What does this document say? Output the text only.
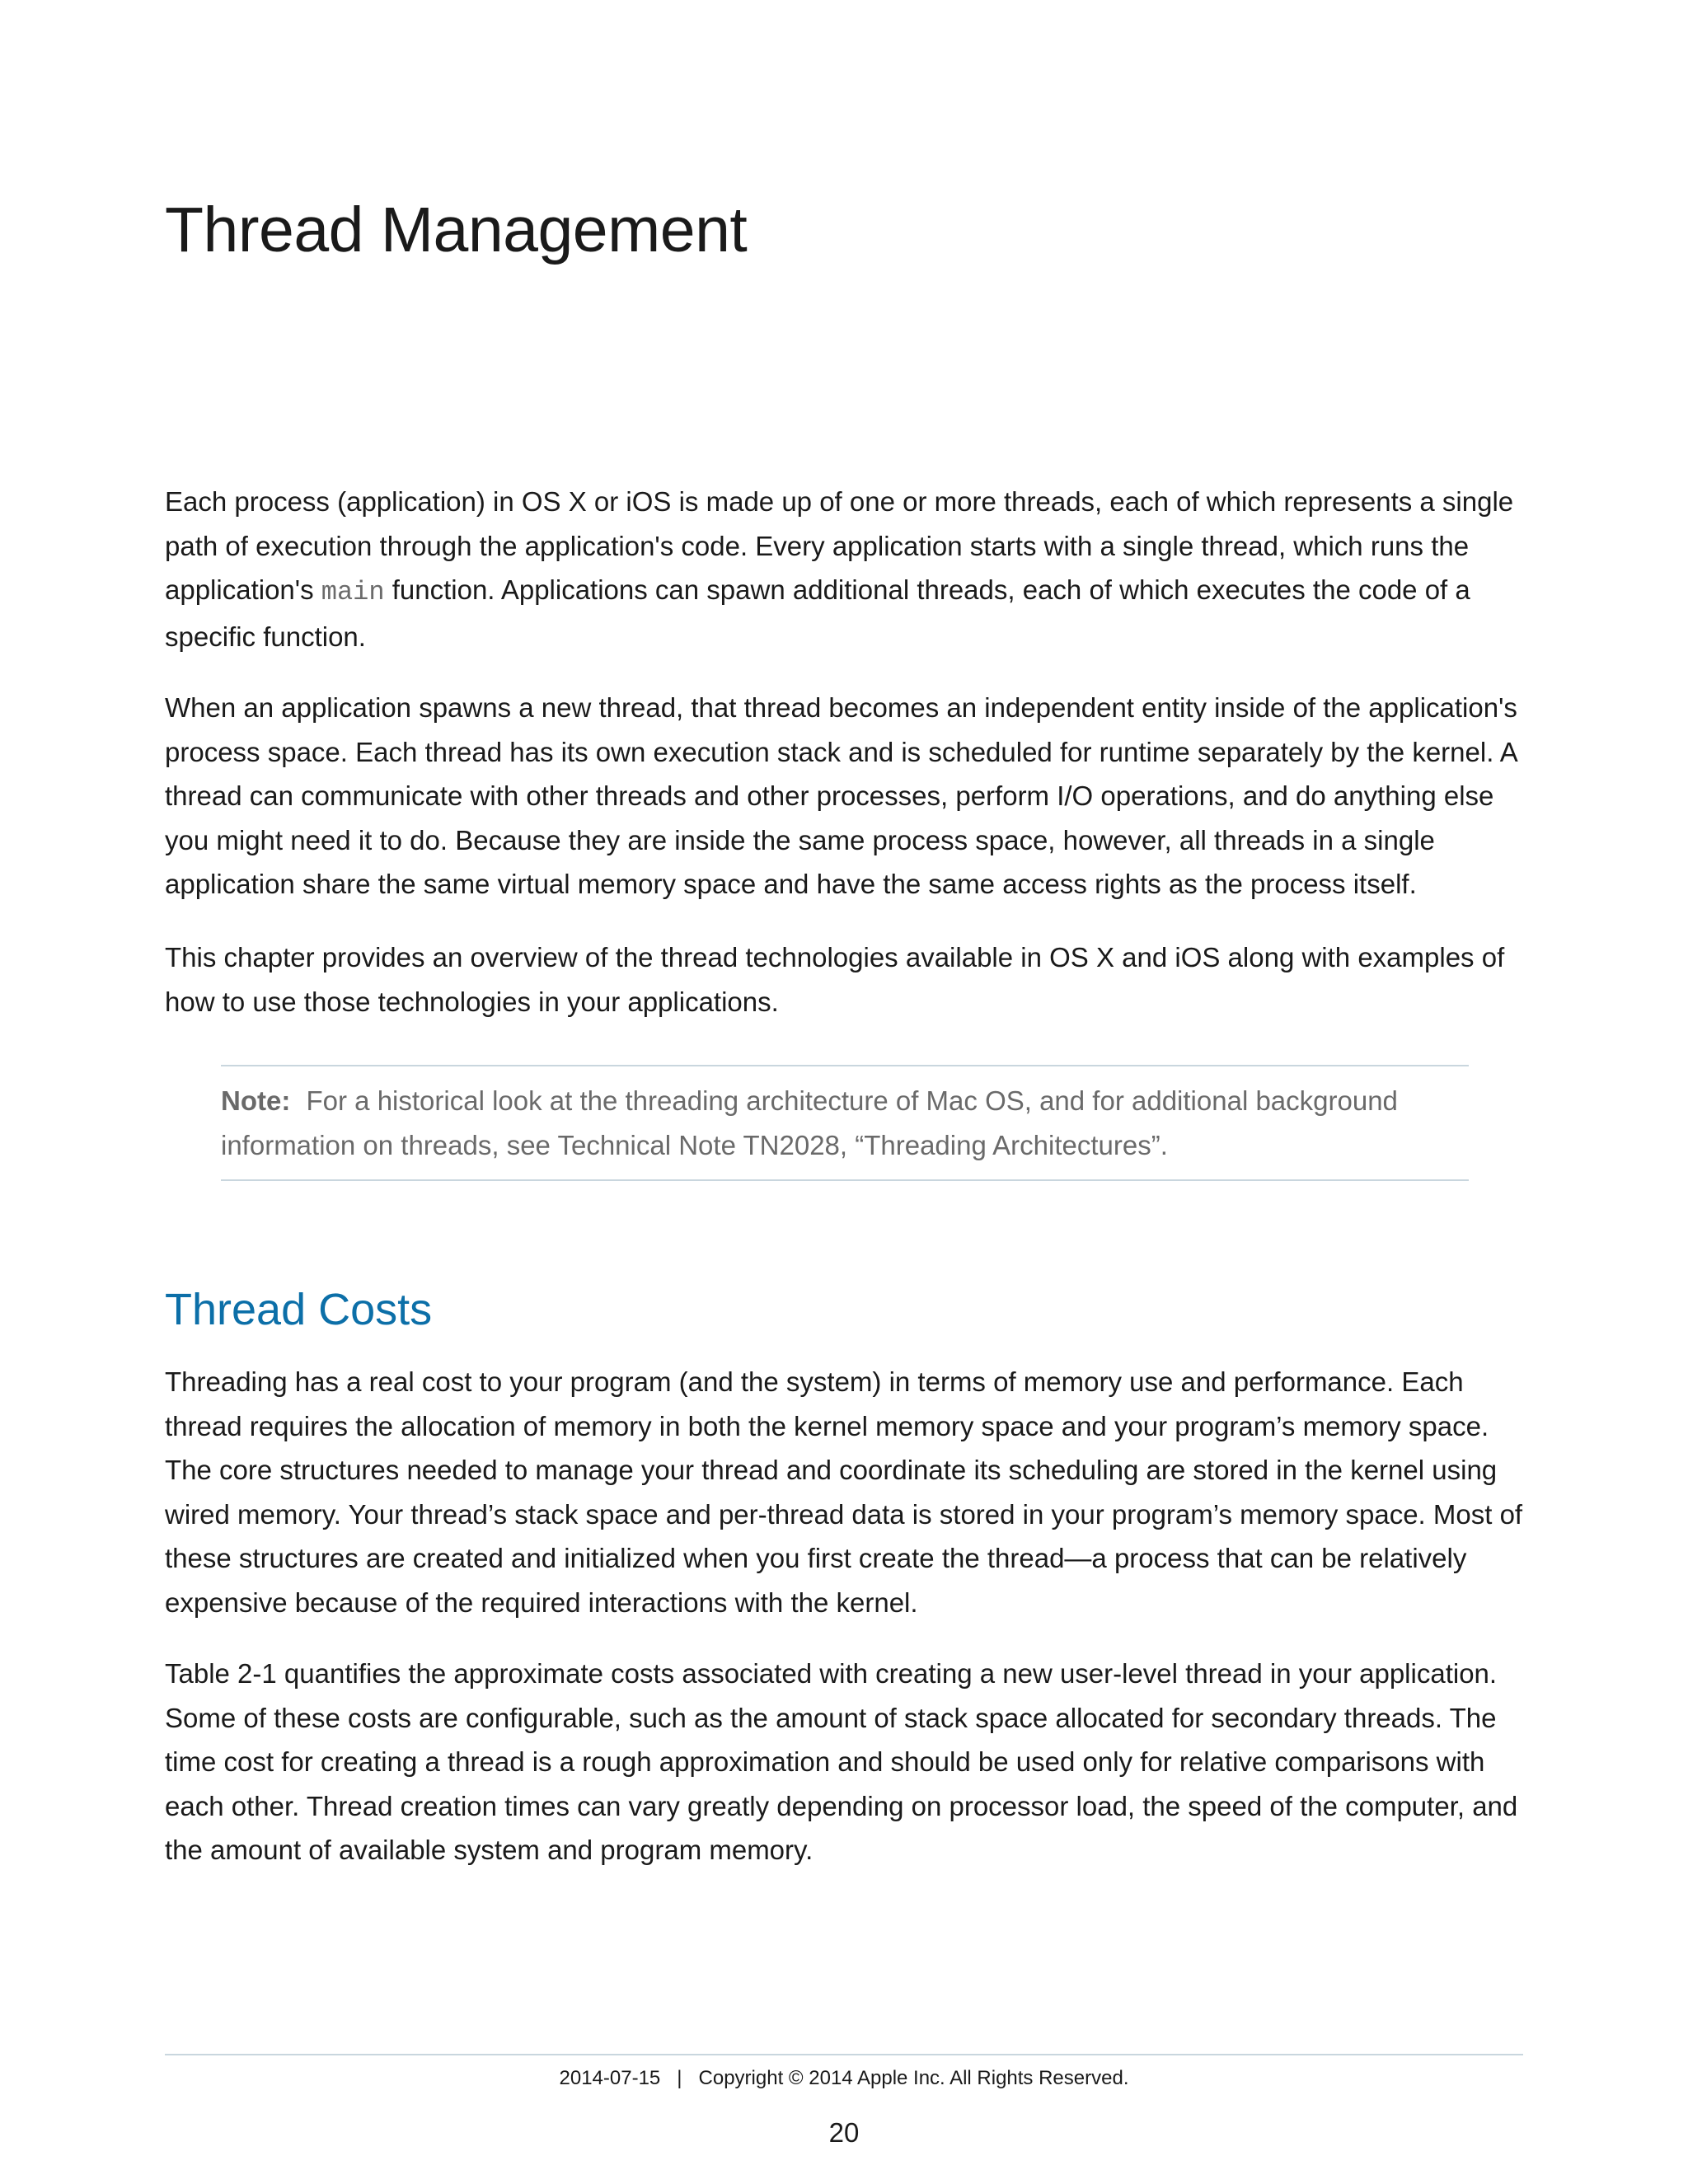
Thread Management

Each process (application) in OS X or iOS is made up of one or more threads, each of which represents a single path of execution through the application's code. Every application starts with a single thread, which runs the application's main function. Applications can spawn additional threads, each of which executes the code of a specific function.

When an application spawns a new thread, that thread becomes an independent entity inside of the application's process space. Each thread has its own execution stack and is scheduled for runtime separately by the kernel. A thread can communicate with other threads and other processes, perform I/O operations, and do anything else you might need it to do. Because they are inside the same process space, however, all threads in a single application share the same virtual memory space and have the same access rights as the process itself.

This chapter provides an overview of the thread technologies available in OS X and iOS along with examples of how to use those technologies in your applications.

Note: For a historical look at the threading architecture of Mac OS, and for additional background information on threads, see Technical Note TN2028, “Threading Architectures”.

Thread Costs

Threading has a real cost to your program (and the system) in terms of memory use and performance. Each thread requires the allocation of memory in both the kernel memory space and your program’s memory space. The core structures needed to manage your thread and coordinate its scheduling are stored in the kernel using wired memory. Your thread’s stack space and per-thread data is stored in your program’s memory space. Most of these structures are created and initialized when you first create the thread—a process that can be relatively expensive because of the required interactions with the kernel.

Table 2-1 quantifies the approximate costs associated with creating a new user-level thread in your application. Some of these costs are configurable, such as the amount of stack space allocated for secondary threads. The time cost for creating a thread is a rough approximation and should be used only for relative comparisons with each other. Thread creation times can vary greatly depending on processor load, the speed of the computer, and the amount of available system and program memory.

2014-07-15 | Copyright © 2014 Apple Inc. All Rights Reserved.
20
